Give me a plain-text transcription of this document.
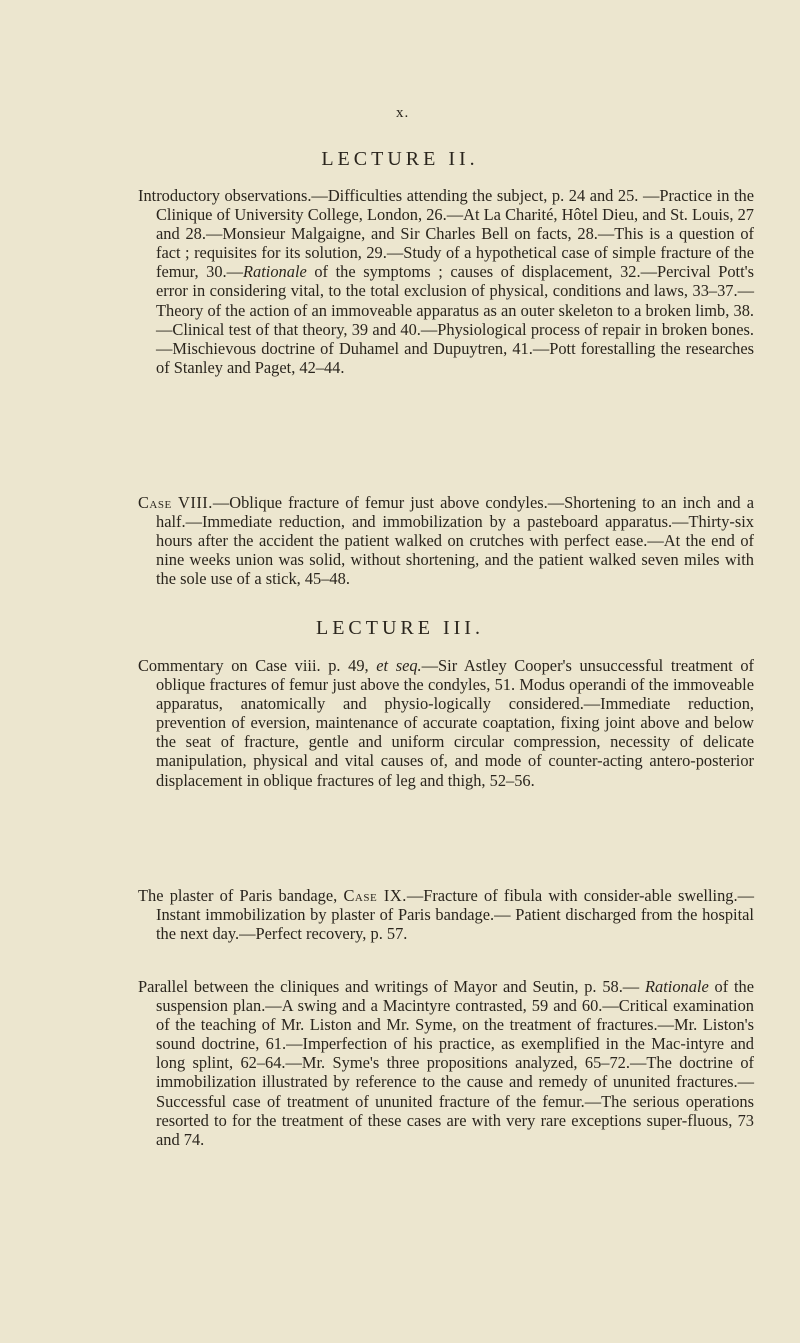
x.
LECTURE II.
Introductory observations.—Difficulties attending the subject, p. 24 and 25. —Practice in the Clinique of University College, London, 26.—At La Charité, Hôtel Dieu, and St. Louis, 27 and 28.—Monsieur Malgaigne, and Sir Charles Bell on facts, 28.—This is a question of fact ; requisites for its solution, 29.—Study of a hypothetical case of simple fracture of the femur, 30.—Rationale of the symptoms ; causes of displacement, 32.—Percival Pott's error in considering vital, to the total exclusion of physical, conditions and laws, 33–37.—Theory of the action of an immoveable apparatus as an outer skeleton to a broken limb, 38. —Clinical test of that theory, 39 and 40.—Physiological process of repair in broken bones.—Mischievous doctrine of Duhamel and Dupuytren, 41.—Pott forestalling the researches of Stanley and Paget, 42–44.
Case VIII.—Oblique fracture of femur just above condyles.—Shortening to an inch and a half.—Immediate reduction, and immobilization by a pasteboard apparatus.—Thirty-six hours after the accident the patient walked on crutches with perfect ease.—At the end of nine weeks union was solid, without shortening, and the patient walked seven miles with the sole use of a stick, 45–48.
LECTURE III.
Commentary on Case viii. p. 49, et seq.—Sir Astley Cooper's unsuccessful treatment of oblique fractures of femur just above the condyles, 51. Modus operandi of the immoveable apparatus, anatomically and physio-logically considered.—Immediate reduction, prevention of eversion, maintenance of accurate coaptation, fixing joint above and below the seat of fracture, gentle and uniform circular compression, necessity of delicate manipulation, physical and vital causes of, and mode of counter-acting antero-posterior displacement in oblique fractures of leg and thigh, 52–56.
The plaster of Paris bandage, Case IX.—Fracture of fibula with consider-able swelling.—Instant immobilization by plaster of Paris bandage.— Patient discharged from the hospital the next day.—Perfect recovery, p. 57.
Parallel between the cliniques and writings of Mayor and Seutin, p. 58.— Rationale of the suspension plan.—A swing and a Macintyre contrasted, 59 and 60.—Critical examination of the teaching of Mr. Liston and Mr. Syme, on the treatment of fractures.—Mr. Liston's sound doctrine, 61.—Imperfection of his practice, as exemplified in the Mac-intyre and long splint, 62–64.—Mr. Syme's three propositions analyzed, 65–72.—The doctrine of immobilization illustrated by reference to the cause and remedy of ununited fractures.—Successful case of treatment of ununited fracture of the femur.—The serious operations resorted to for the treatment of these cases are with very rare exceptions super-fluous, 73 and 74.
